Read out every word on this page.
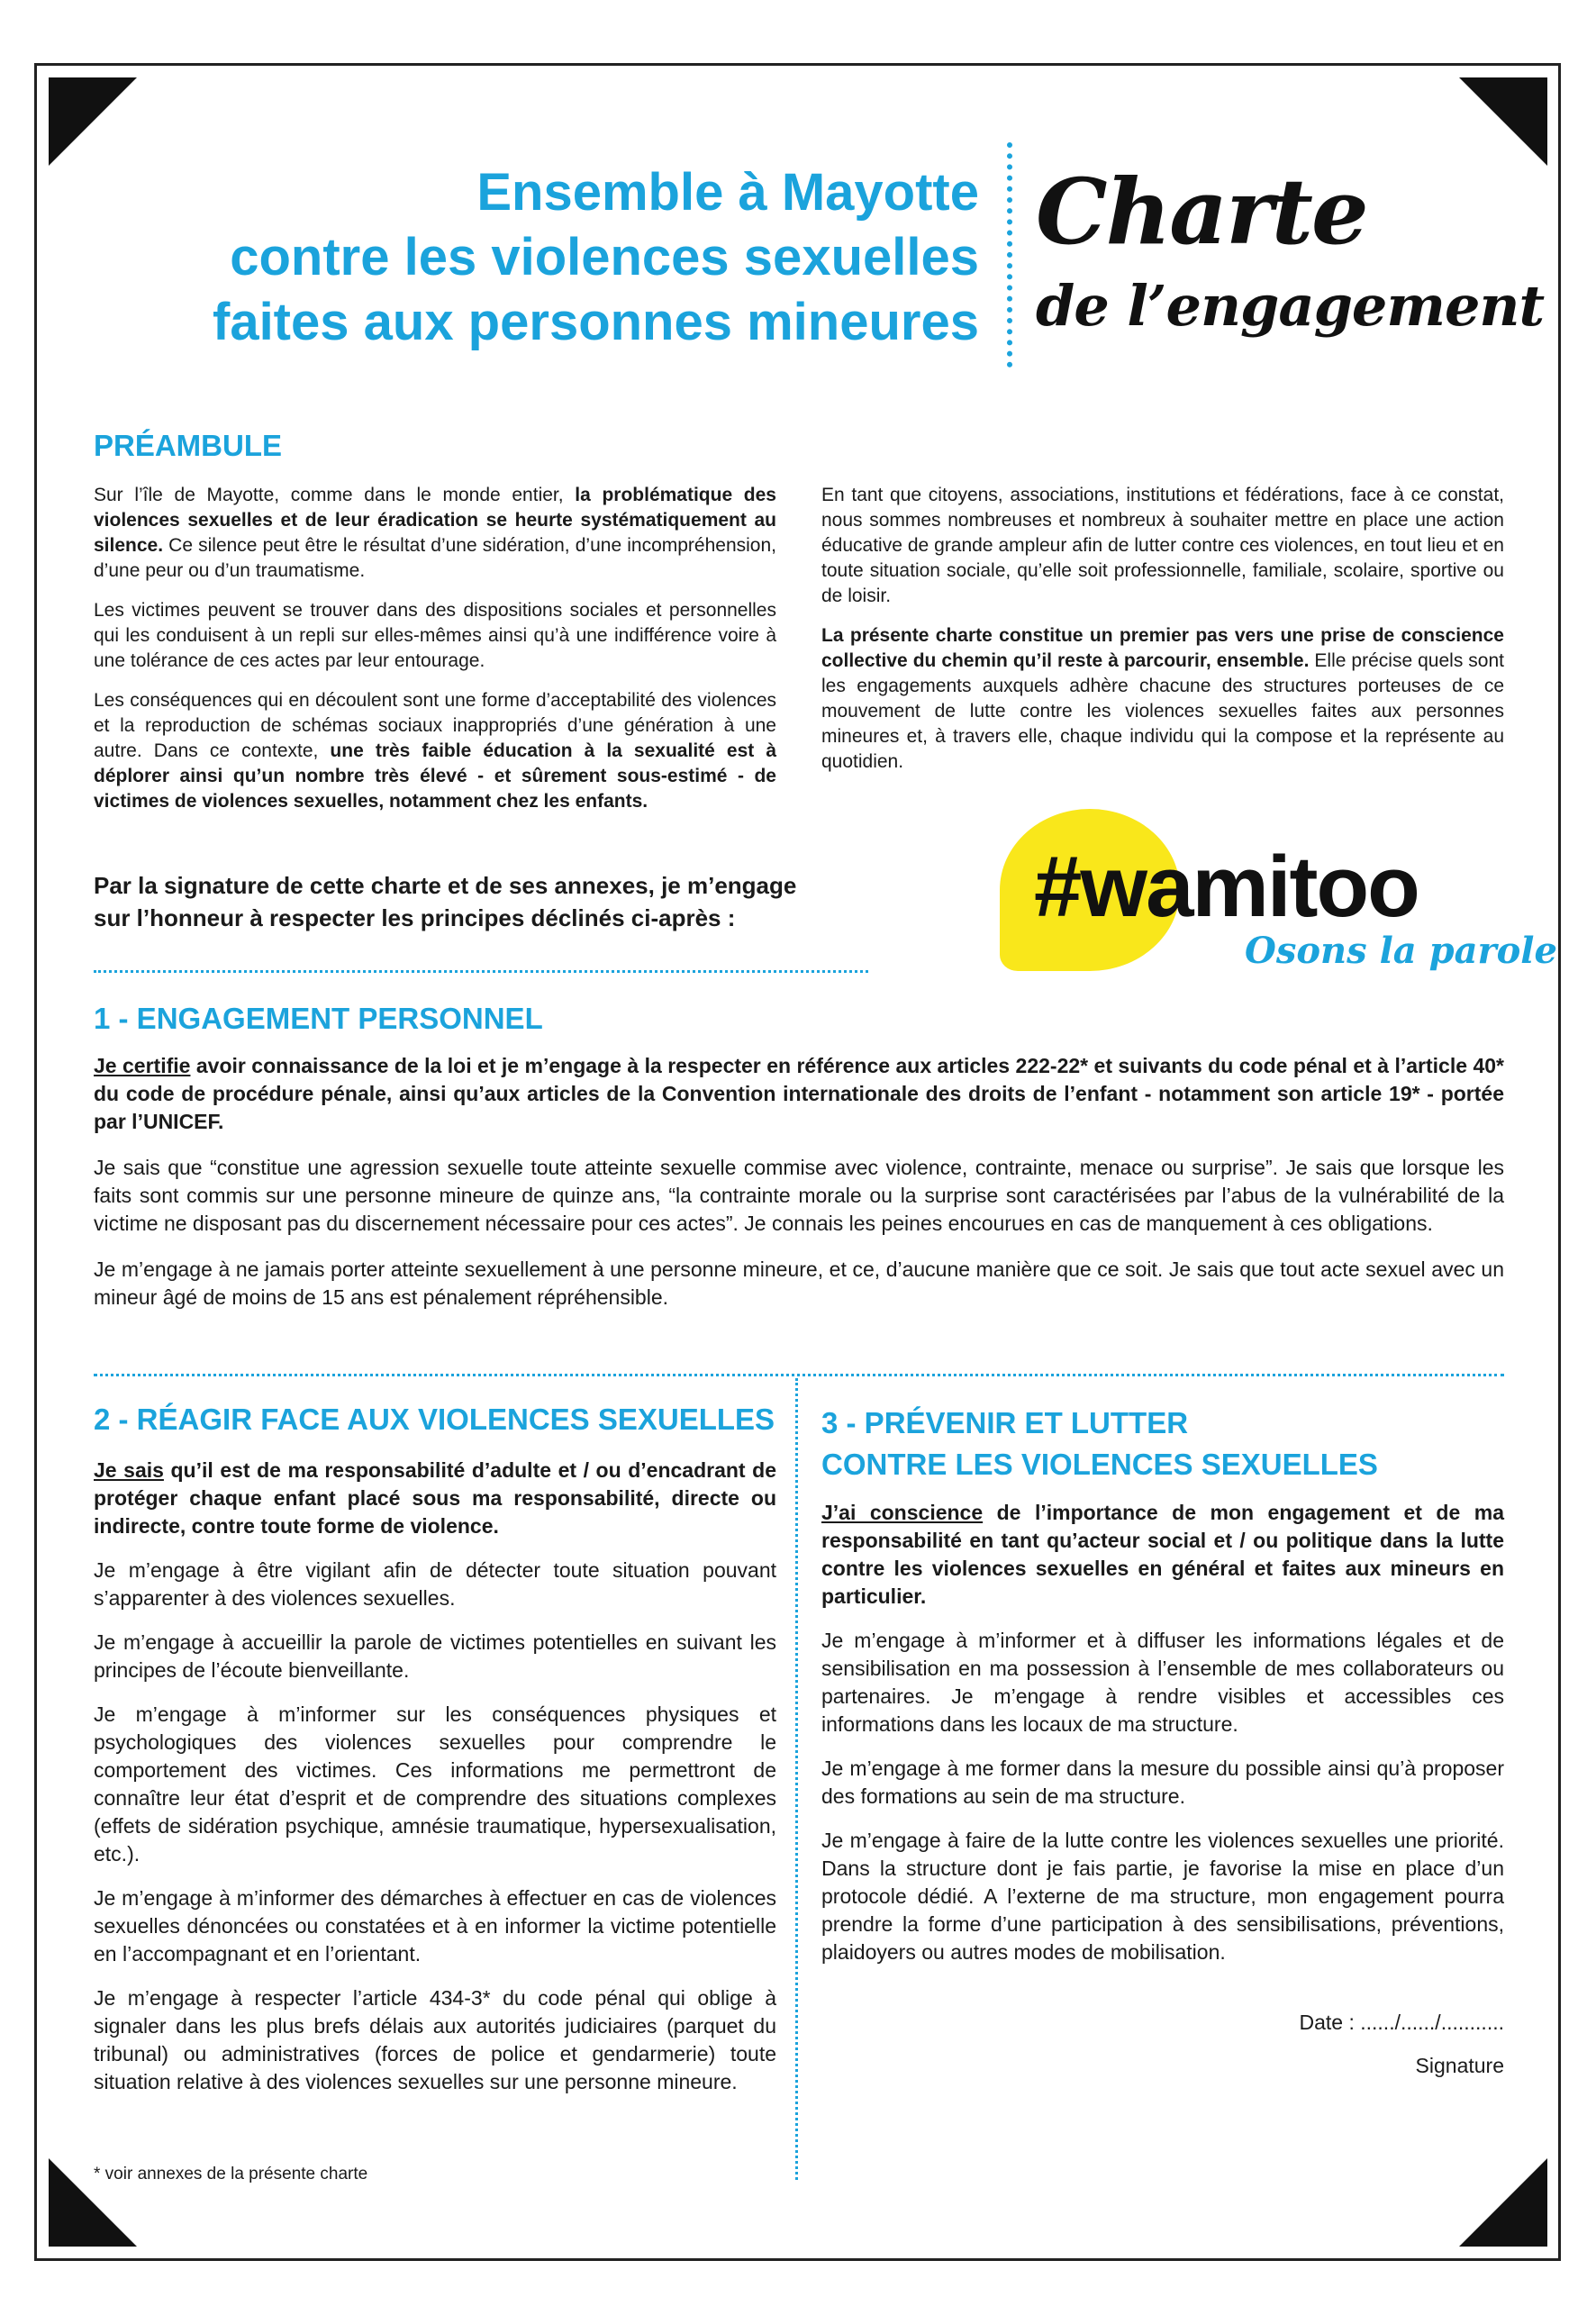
Ensemble à Mayotte
contre les violences sexuelles
faites aux personnes mineures
Charte
de l’engagement
PRÉAMBULE

Sur l’île de Mayotte, comme dans le monde entier, la problématique des violences sexuelles et de leur éradication se heurte systématiquement au silence. Ce silence peut être le résultat d’une sidération, d’une incompréhension, d’une peur ou d’un traumatisme.

Les victimes peuvent se trouver dans des dispositions sociales et personnelles qui les conduisent à un repli sur elles-mêmes ainsi qu’à une indifférence voire à une tolérance de ces actes par leur entourage.

Les conséquences qui en découlent sont une forme d’acceptabilité des violences et la reproduction de schémas sociaux inappropriés d’une génération à une autre. Dans ce contexte, une très faible éducation à la sexualité est à déplorer ainsi qu’un nombre très élevé - et sûrement sous-estimé - de victimes de violences sexuelles, notamment chez les enfants.

En tant que citoyens, associations, institutions et fédérations, face à ce constat, nous sommes nombreuses et nombreux à souhaiter mettre en place une action éducative de grande ampleur afin de lutter contre ces violences, en tout lieu et en toute situation sociale, qu’elle soit professionnelle, familiale, scolaire, sportive ou de loisir.

La présente charte constitue un premier pas vers une prise de conscience collective du chemin qu’il reste à parcourir, ensemble. Elle précise quels sont les engagements auxquels adhère chacune des structures porteuses de ce mouvement de lutte contre les violences sexuelles faites aux personnes mineures et, à travers elle, chaque individu qui la compose et la représente au quotidien.

Par la signature de cette charte et de ses annexes, je m’engage
sur l’honneur à respecter les principes déclinés ci-après :	#wamitoo
Osons la parole
1 - ENGAGEMENT PERSONNEL

Je certifie avoir connaissance de la loi et je m’engage à la respecter en référence aux articles 222-22* et suivants du code pénal et à l’article 40* du code de procédure pénale, ainsi qu’aux articles de la Convention internationale des droits de l’enfant - notamment son article 19* - portée par l’UNICEF.

Je sais que “constitue une agression sexuelle toute atteinte sexuelle commise avec violence, contrainte, menace ou surprise”. Je sais que lorsque les faits sont commis sur une personne mineure de quinze ans, “la contrainte morale ou la surprise sont caractérisées par l’abus de la vulnérabilité de la victime ne disposant pas du discernement nécessaire pour ces actes”. Je connais les peines encourues en cas de manquement à ces obligations.

Je m’engage à ne jamais porter atteinte sexuellement à une personne mineure, et ce, d’aucune manière que ce soit. Je sais que tout acte sexuel avec un mineur âgé de moins de 15 ans est pénalement répréhensible.

2 - RÉAGIR FACE AUX VIOLENCES SEXUELLES

Je sais qu’il est de ma responsabilité d’adulte et / ou d’encadrant de protéger chaque enfant placé sous ma responsabilité, directe ou indirecte, contre toute forme de violence.

Je m’engage à être vigilant afin de détecter toute situation pouvant s’apparenter à des violences sexuelles.

Je m’engage à accueillir la parole de victimes potentielles en suivant les principes de l’écoute bienveillante.

Je m’engage à m’informer sur les conséquences physiques et psychologiques des violences sexuelles pour comprendre le comportement des victimes. Ces informations me permettront de connaître leur état d’esprit et de comprendre des situations complexes (effets de sidération psychique, amnésie traumatique, hypersexualisation, etc.).

Je m’engage à m’informer des démarches à effectuer en cas de violences sexuelles dénoncées ou constatées et à en informer la victime potentielle en l’accompagnant et en l’orientant.

Je m’engage à respecter l’article 434-3* du code pénal qui oblige à signaler dans les plus brefs délais aux autorités judiciaires (parquet du tribunal) ou administratives (forces de police et gendarmerie) toute situation relative à des violences sexuelles sur une personne mineure.

3 - PRÉVENIR ET LUTTER
CONTRE LES VIOLENCES SEXUELLES

J’ai conscience de l’importance de mon engagement et de ma responsabilité en tant qu’acteur social et / ou politique dans la lutte contre les violences sexuelles en général et faites aux mineurs en particulier.

Je m’engage à m’informer et à diffuser les informations légales et de sensibilisation en ma possession à l’ensemble de mes collaborateurs ou partenaires. Je m’engage à rendre visibles et accessibles ces informations dans les locaux de ma structure.

Je m’engage à me former dans la mesure du possible ainsi qu’à proposer des formations au sein de ma structure.

Je m’engage à faire de la lutte contre les violences sexuelles une priorité. Dans la structure dont je fais partie, je favorise la mise en place d’un protocole dédié. A l’externe de ma structure, mon engagement pourra prendre la forme d’une participation à des sensibilisations, préventions, plaidoyers ou autres modes de mobilisation.

Date : ....../....../...........
Signature
* voir annexes de la présente charte
